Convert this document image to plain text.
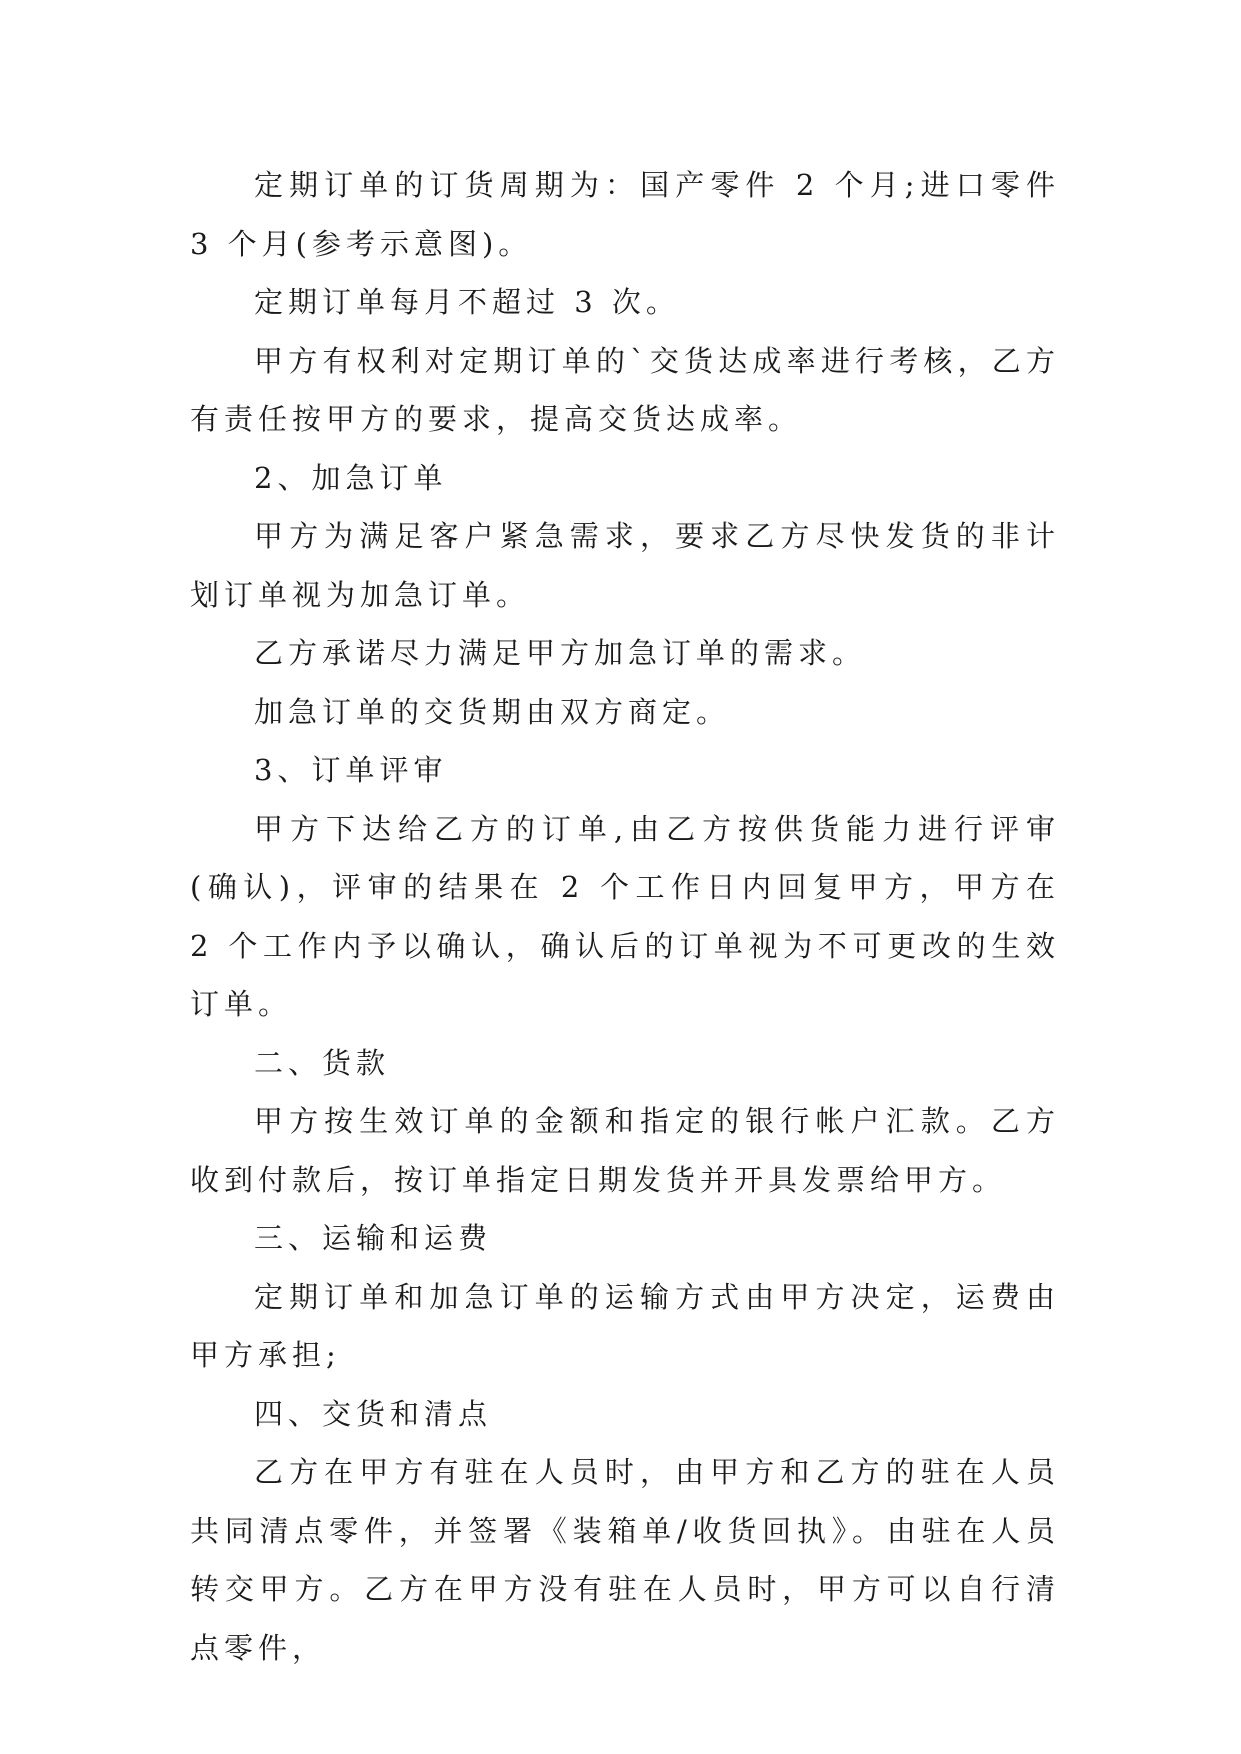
定期订单的订货周期为：国产零件 2 个月;进口零件 3 个月(参考示意图)。

定期订单每月不超过 3 次。

甲方有权利对定期订单的`交货达成率进行考核，乙方有责任按甲方的要求，提高交货达成率。

2、加急订单

甲方为满足客户紧急需求，要求乙方尽快发货的非计划订单视为加急订单。

乙方承诺尽力满足甲方加急订单的需求。

加急订单的交货期由双方商定。

3、订单评审

甲方下达给乙方的订单,由乙方按供货能力进行评审(确认)，评审的结果在 2 个工作日内回复甲方，甲方在 2 个工作内予以确认，确认后的订单视为不可更改的生效订单。

二、货款

甲方按生效订单的金额和指定的银行帐户汇款。乙方收到付款后，按订单指定日期发货并开具发票给甲方。

三、运输和运费

定期订单和加急订单的运输方式由甲方决定，运费由甲方承担;

四、交货和清点

乙方在甲方有驻在人员时，由甲方和乙方的驻在人员共同清点零件，并签署《装箱单/收货回执》。由驻在人员转交甲方。乙方在甲方没有驻在人员时，甲方可以自行清点零件，
